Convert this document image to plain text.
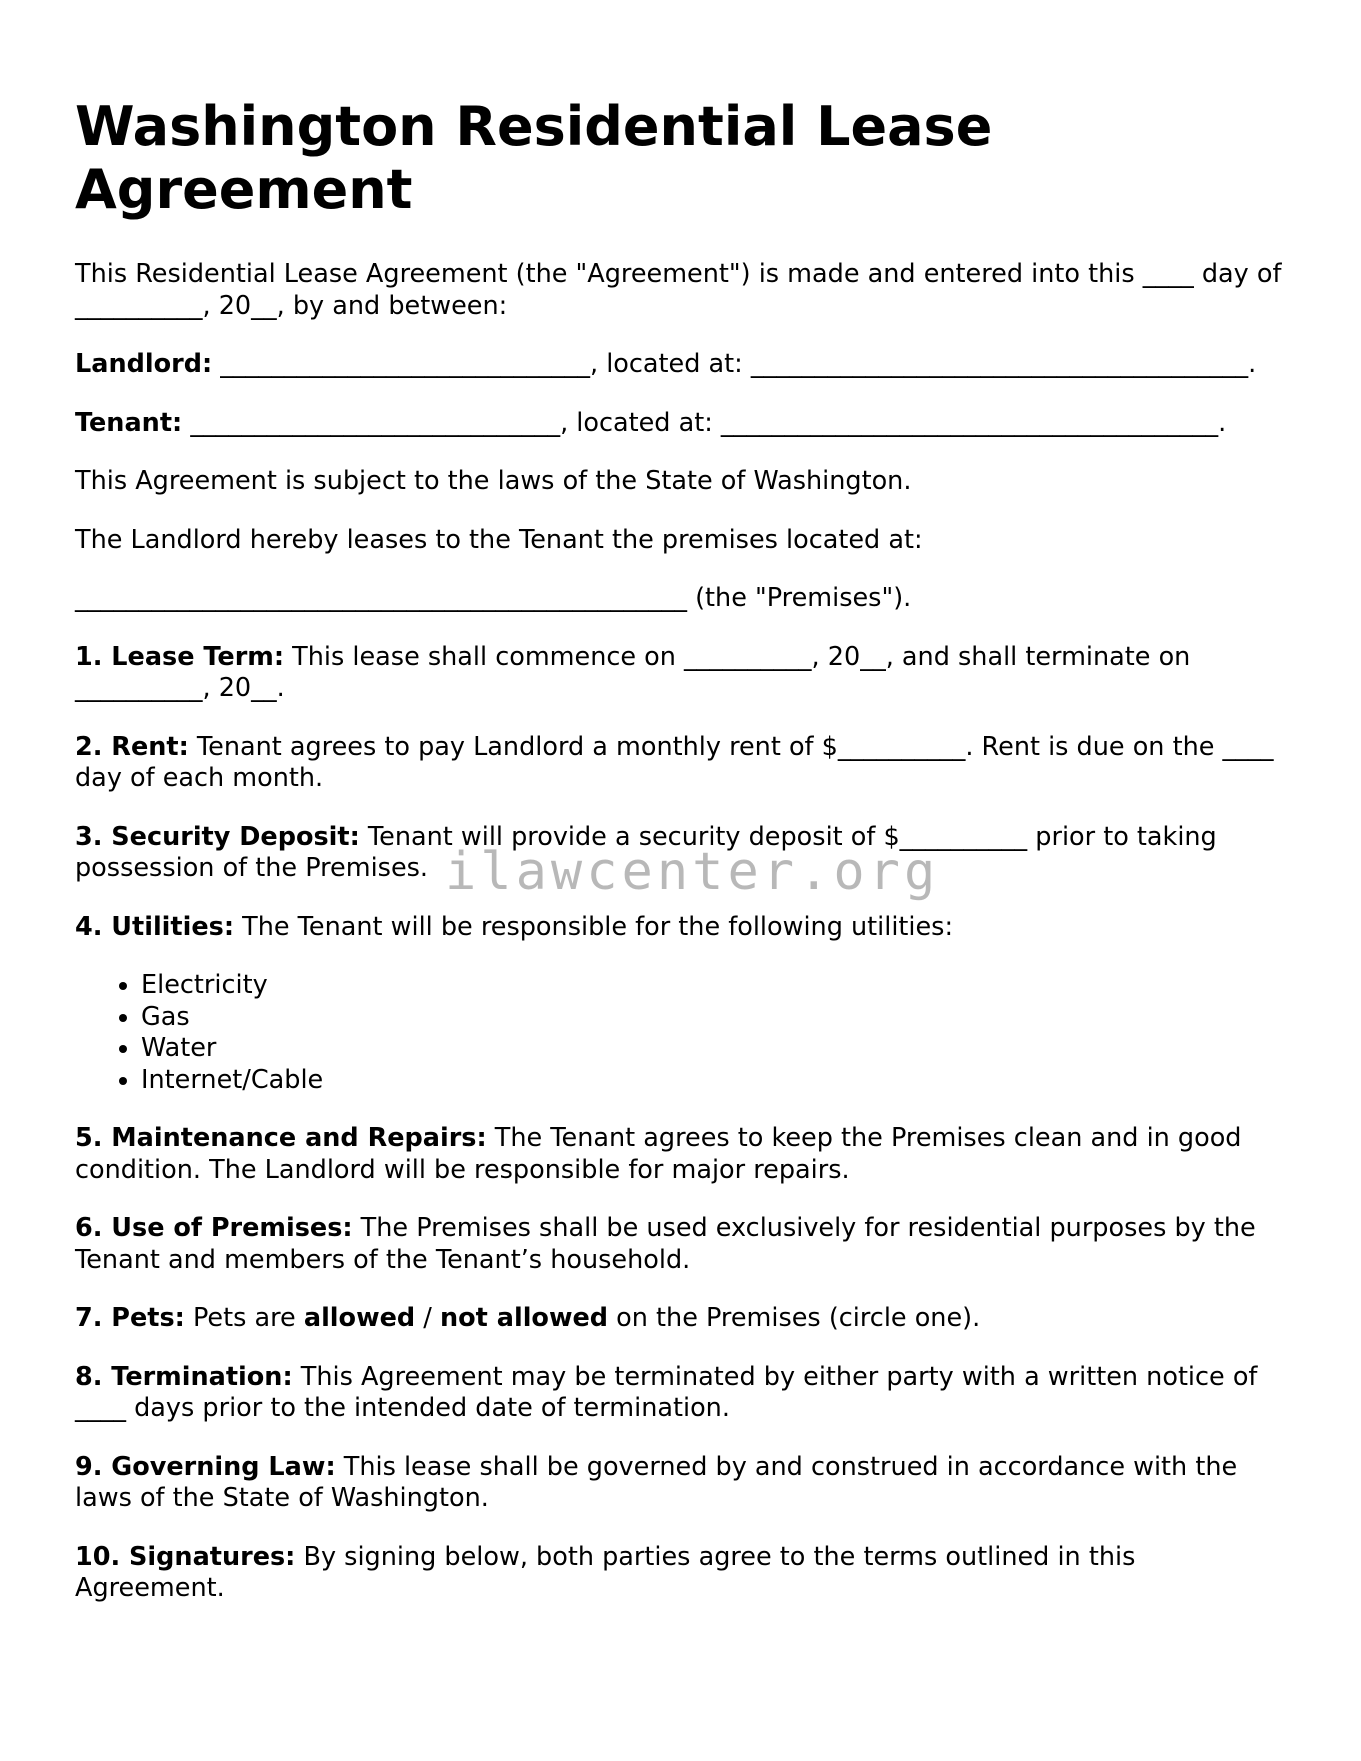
Washington Residential Lease Agreement

This Residential Lease Agreement (the "Agreement") is made and entered into this ____ day of __________, 20__, by and between:

Landlord: _____________________________, located at: _______________________________________.

Tenant: _____________________________, located at: _______________________________________.

This Agreement is subject to the laws of the State of Washington.

The Landlord hereby leases to the Tenant the premises located at:

________________________________________________ (the "Premises").

1. Lease Term: This lease shall commence on __________, 20__, and shall terminate on __________, 20__.

2. Rent: Tenant agrees to pay Landlord a monthly rent of $__________. Rent is due on the ____ day of each month.

3. Security Deposit: Tenant will provide a security deposit of $__________ prior to taking possession of the Premises.

4. Utilities: The Tenant will be responsible for the following utilities:

• Electricity
• Gas
• Water
• Internet/Cable

5. Maintenance and Repairs: The Tenant agrees to keep the Premises clean and in good condition. The Landlord will be responsible for major repairs.

6. Use of Premises: The Premises shall be used exclusively for residential purposes by the Tenant and members of the Tenant’s household.

7. Pets: Pets are allowed / not allowed on the Premises (circle one).

8. Termination: This Agreement may be terminated by either party with a written notice of ____ days prior to the intended date of termination.

9. Governing Law: This lease shall be governed by and construed in accordance with the laws of the State of Washington.

10. Signatures: By signing below, both parties agree to the terms outlined in this Agreement.

ilawcenter.org
